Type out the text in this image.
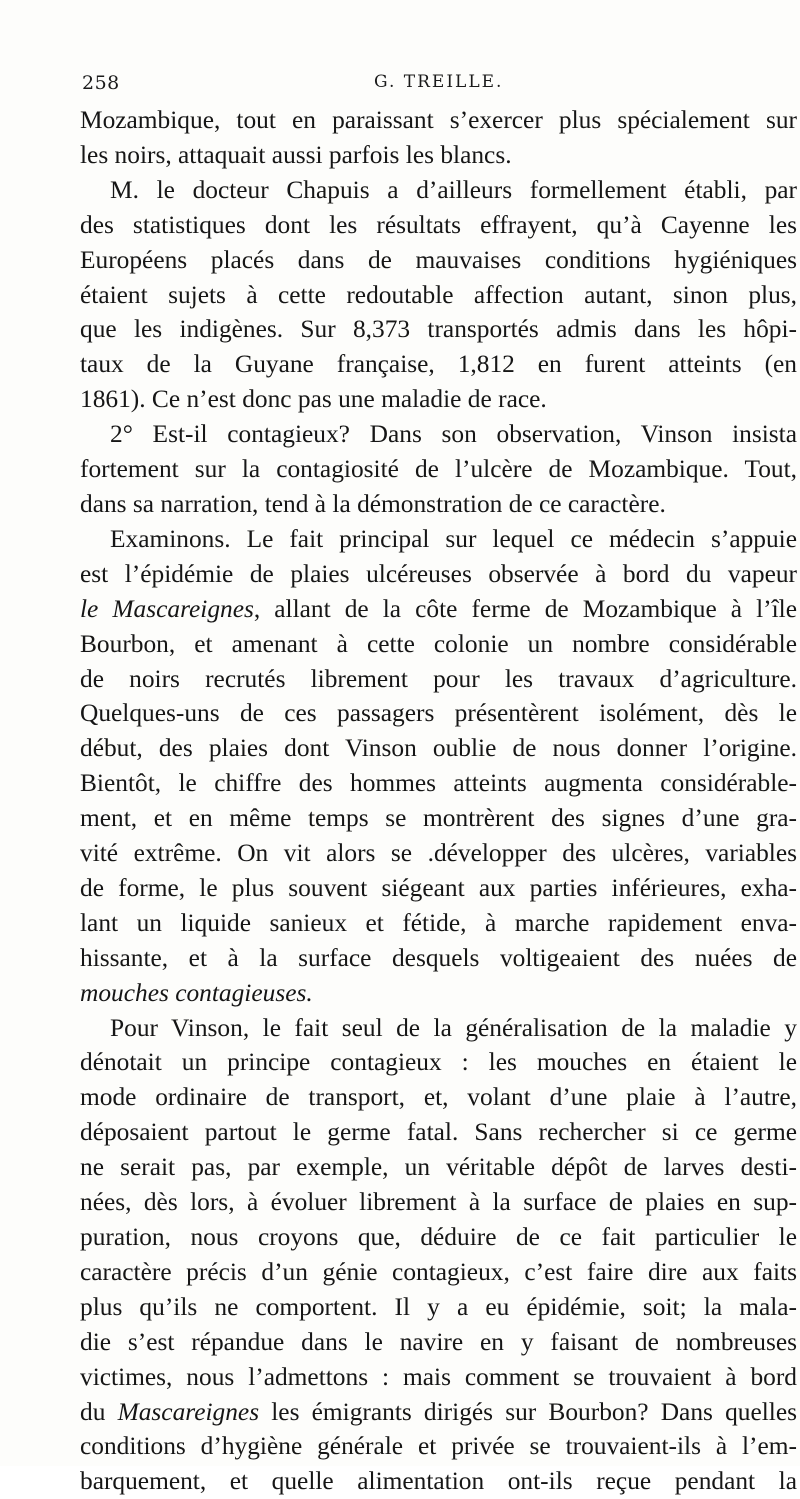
258	G. TREILLE.
Mozambique, tout en paraissant s’exercer plus spécialement sur
les noirs, attaquait aussi parfois les blancs.
M. le docteur Chapuis a d’ailleurs formellement établi, par
des statistiques dont les résultats effrayent, qu’à Cayenne les
Européens placés dans de mauvaises conditions hygiéniques
étaient sujets à cette redoutable affection autant, sinon plus,
que les indigènes. Sur 8,373 transportés admis dans les hôpi-
taux de la Guyane française, 1,812 en furent atteints (en
1861). Ce n’est donc pas une maladie de race.
2° Est-il contagieux? Dans son observation, Vinson insista
fortement sur la contagiosité de l’ulcère de Mozambique. Tout,
dans sa narration, tend à la démonstration de ce caractère.
Examinons. Le fait principal sur lequel ce médecin s’appuie
est l’épidémie de plaies ulcéreuses observée à bord du vapeur
le Mascareignes, allant de la côte ferme de Mozambique à l’île
Bourbon, et amenant à cette colonie un nombre considérable
de noirs recrutés librement pour les travaux d’agriculture.
Quelques-uns de ces passagers présentèrent isolément, dès le
début, des plaies dont Vinson oublie de nous donner l’origine.
Bientôt, le chiffre des hommes atteints augmenta considérable-
ment, et en même temps se montrèrent des signes d’une gra-
vité extrême. On vit alors se .développer des ulcères, variables
de forme, le plus souvent siégeant aux parties inférieures, exha-
lant un liquide sanieux et fétide, à marche rapidement enva-
hissante, et à la surface desquels voltigeaient des nuées de
mouches contagieuses.
Pour Vinson, le fait seul de la généralisation de la maladie y
dénotait un principe contagieux : les mouches en étaient le
mode ordinaire de transport, et, volant d’une plaie à l’autre,
déposaient partout le germe fatal. Sans rechercher si ce germe
ne serait pas, par exemple, un véritable dépôt de larves desti-
nées, dès lors, à évoluer librement à la surface de plaies en sup-
puration, nous croyons que, déduire de ce fait particulier le
caractère précis d’un génie contagieux, c’est faire dire aux faits
plus qu’ils ne comportent. Il y a eu épidémie, soit; la mala-
die s’est répandue dans le navire en y faisant de nombreuses
victimes, nous l’admettons : mais comment se trouvaient à bord
du Mascareignes les émigrants dirigés sur Bourbon? Dans quelles
conditions d’hygiène générale et privée se trouvaient-ils à l’em-
barquement, et quelle alimentation ont-ils reçue pendant la
